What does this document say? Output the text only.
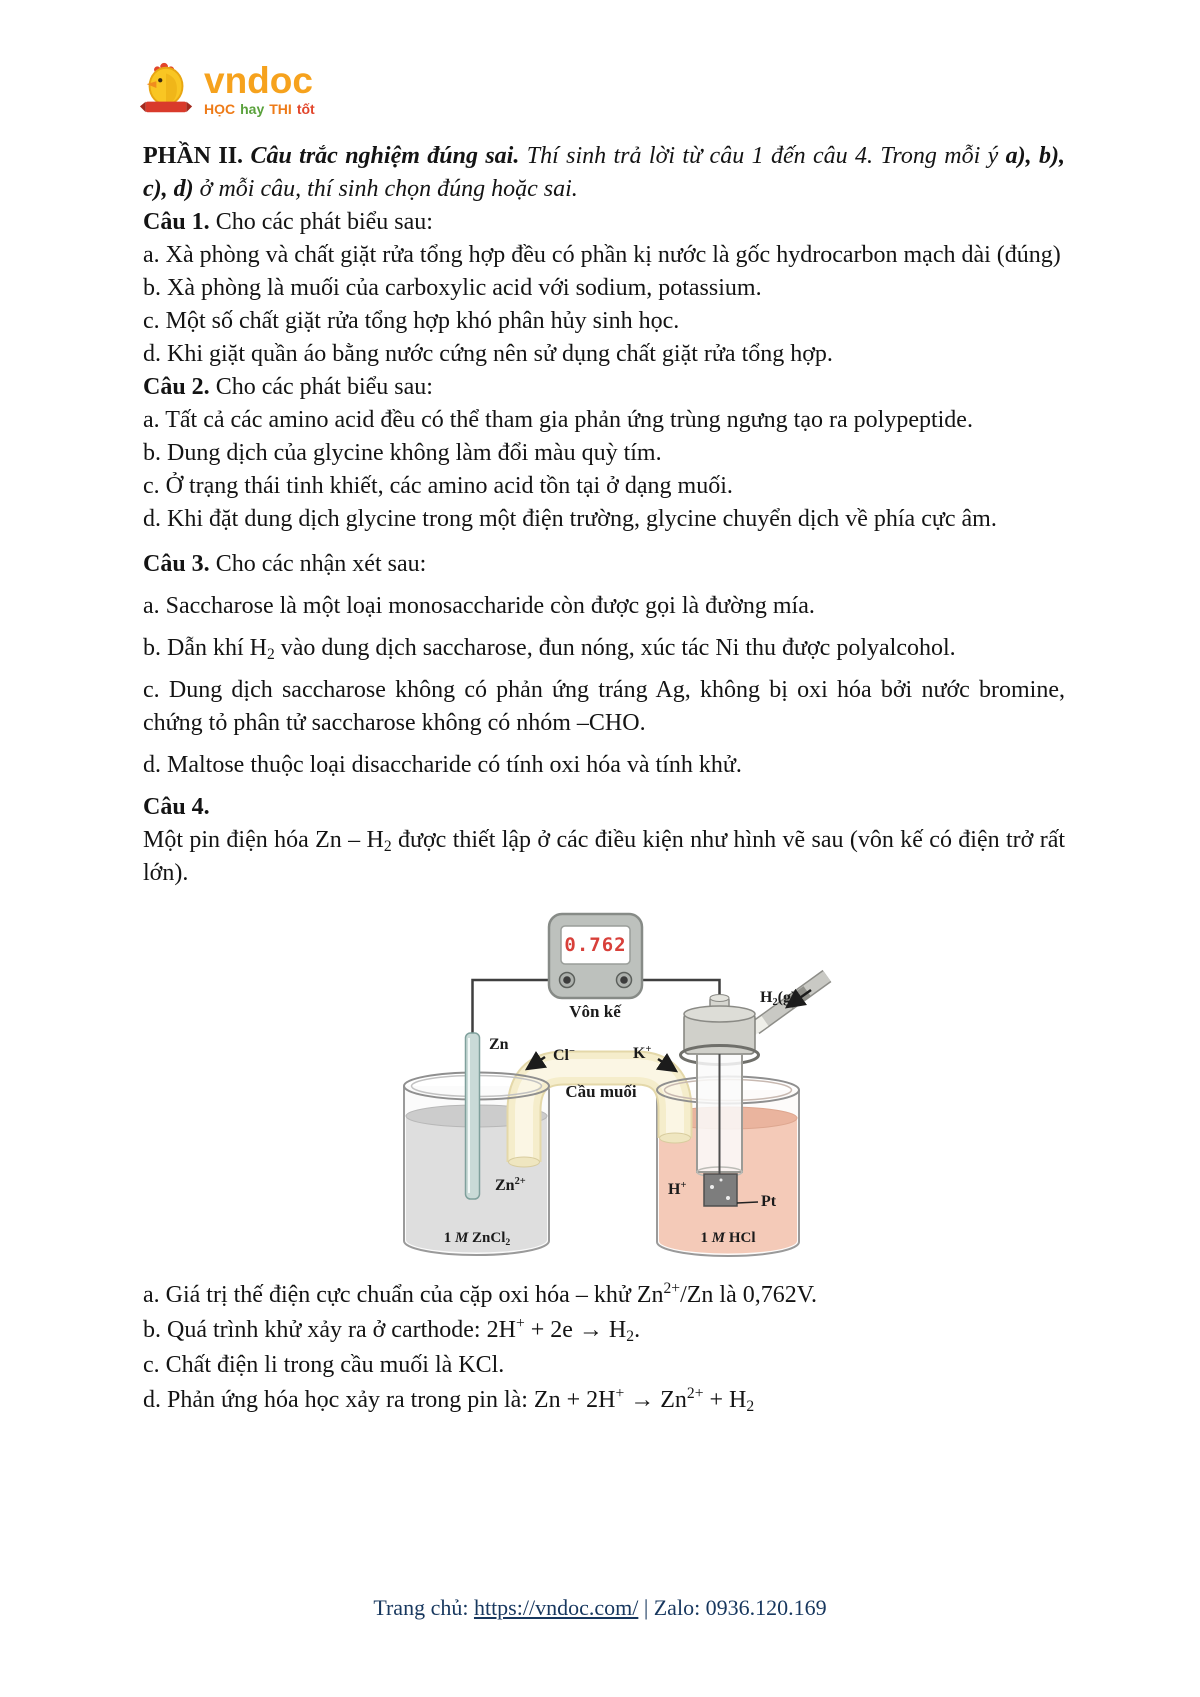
vndoc
HỌC hay THI tốt

PHẦN II. Câu trắc nghiệm đúng sai. Thí sinh trả lời từ câu 1 đến câu 4. Trong mỗi ý a), b), c), d) ở mỗi câu, thí sinh chọn đúng hoặc sai.

Câu 1. Cho các phát biểu sau:

a. Xà phòng và chất giặt rửa tổng hợp đều có phần kị nước là gốc hydrocarbon mạch dài (đúng)

b. Xà phòng là muối của carboxylic acid với sodium, potassium.

c. Một số chất giặt rửa tổng hợp khó phân hủy sinh học.

d. Khi giặt quần áo bằng nước cứng nên sử dụng chất giặt rửa tổng hợp.

Câu 2. Cho các phát biểu sau:

a. Tất cả các amino acid đều có thể tham gia phản ứng trùng ngưng tạo ra polypeptide.

b. Dung dịch của glycine không làm đổi màu quỳ tím.

c. Ở trạng thái tinh khiết, các amino acid tồn tại ở dạng muối.

d. Khi đặt dung dịch glycine trong một điện trường, glycine chuyển dịch về phía cực âm.

Câu 3. Cho các nhận xét sau:

a. Saccharose là một loại monosaccharide còn được gọi là đường mía.

b. Dẫn khí $H_2$ vào dung dịch saccharose, đun nóng, xúc tác Ni thu được polyalcohol.

c. Dung dịch saccharose không có phản ứng tráng Ag, không bị oxi hóa bởi nước bromine, chứng tỏ phân tử saccharose không có nhóm –CHO.

d. Maltose thuộc loại disaccharide có tính oxi hóa và tính khử.

Câu 4.

Một pin điện hóa Zn – $H_2$ được thiết lập ở các điều kiện như hình vẽ sau (vôn kế có điện trở rất lớn).

0.762
Vôn kế
Zn
Cl−	K+
Cầu muối
$H_2(g)$
$Zn^{2+}$
1 M ZnCl$_2$
H+
Pt
1 M HCl

a. Giá trị thế điện cực chuẩn của cặp oxi hóa – khử $Zn^{2+}/Zn$ là 0,762V.

b. Quá trình khử xảy ra ở carthode: $2H^+ + 2e \to H_2$.

c. Chất điện li trong cầu muối là KCl.

d. Phản ứng hóa học xảy ra trong pin là: $Zn + 2H^+ \to Zn^{2+} + H_2$

Trang chủ: https://vndoc.com/ | Zalo: 0936.120.169
